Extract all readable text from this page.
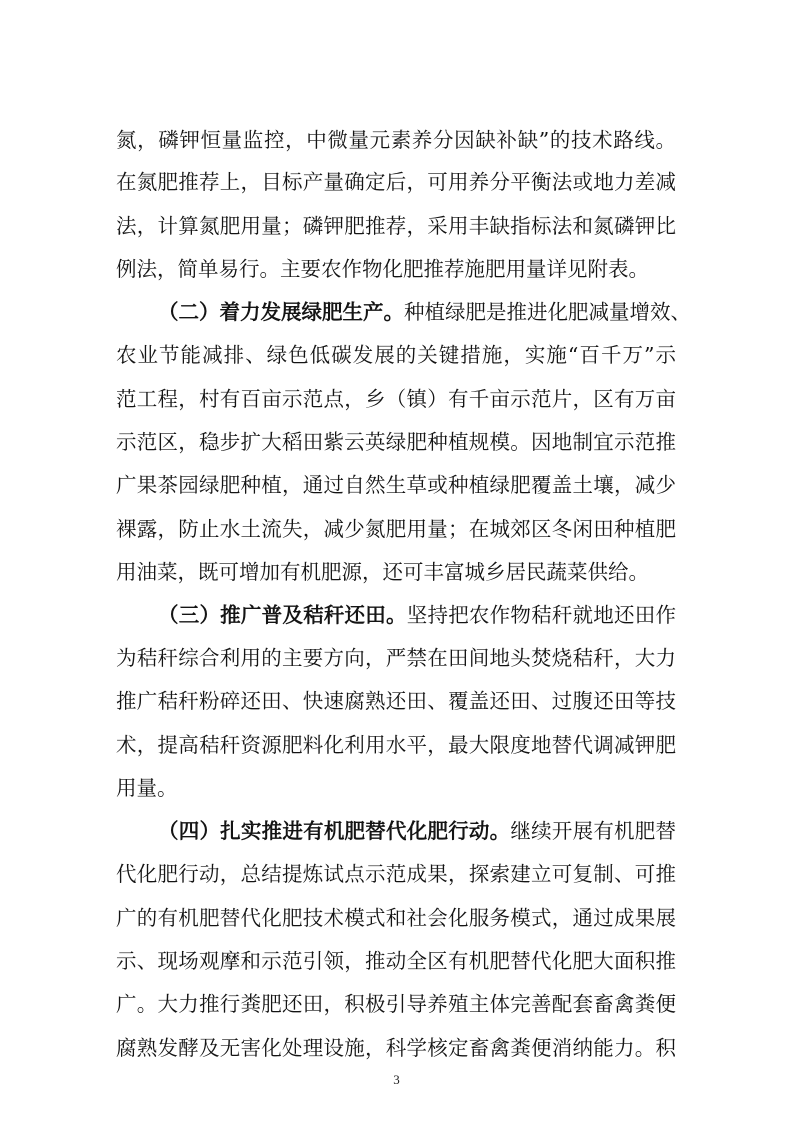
氮，磷钾恒量监控，中微量元素养分因缺补缺”的技术路线。
在氮肥推荐上，目标产量确定后，可用养分平衡法或地力差减
法，计算氮肥用量；磷钾肥推荐，采用丰缺指标法和氮磷钾比
例法，简单易行。主要农作物化肥推荐施肥用量详见附表。
（二）着力发展绿肥生产。种植绿肥是推进化肥减量增效、
农业节能减排、绿色低碳发展的关键措施，实施“百千万”示
范工程，村有百亩示范点，乡（镇）有千亩示范片，区有万亩
示范区，稳步扩大稻田紫云英绿肥种植规模。因地制宜示范推
广果茶园绿肥种植，通过自然生草或种植绿肥覆盖土壤，减少
裸露，防止水土流失，减少氮肥用量；在城郊区冬闲田种植肥
用油菜，既可增加有机肥源，还可丰富城乡居民蔬菜供给。
（三）推广普及秸秆还田。坚持把农作物秸秆就地还田作
为秸秆综合利用的主要方向，严禁在田间地头焚烧秸秆，大力
推广秸秆粉碎还田、快速腐熟还田、覆盖还田、过腹还田等技
术，提高秸秆资源肥料化利用水平，最大限度地替代调减钾肥
用量。
（四）扎实推进有机肥替代化肥行动。继续开展有机肥替
代化肥行动，总结提炼试点示范成果，探索建立可复制、可推
广的有机肥替代化肥技术模式和社会化服务模式，通过成果展
示、现场观摩和示范引领，推动全区有机肥替代化肥大面积推
广。大力推行粪肥还田，积极引导养殖主体完善配套畜禽粪便
腐熟发酵及无害化处理设施，科学核定畜禽粪便消纳能力。积
3
